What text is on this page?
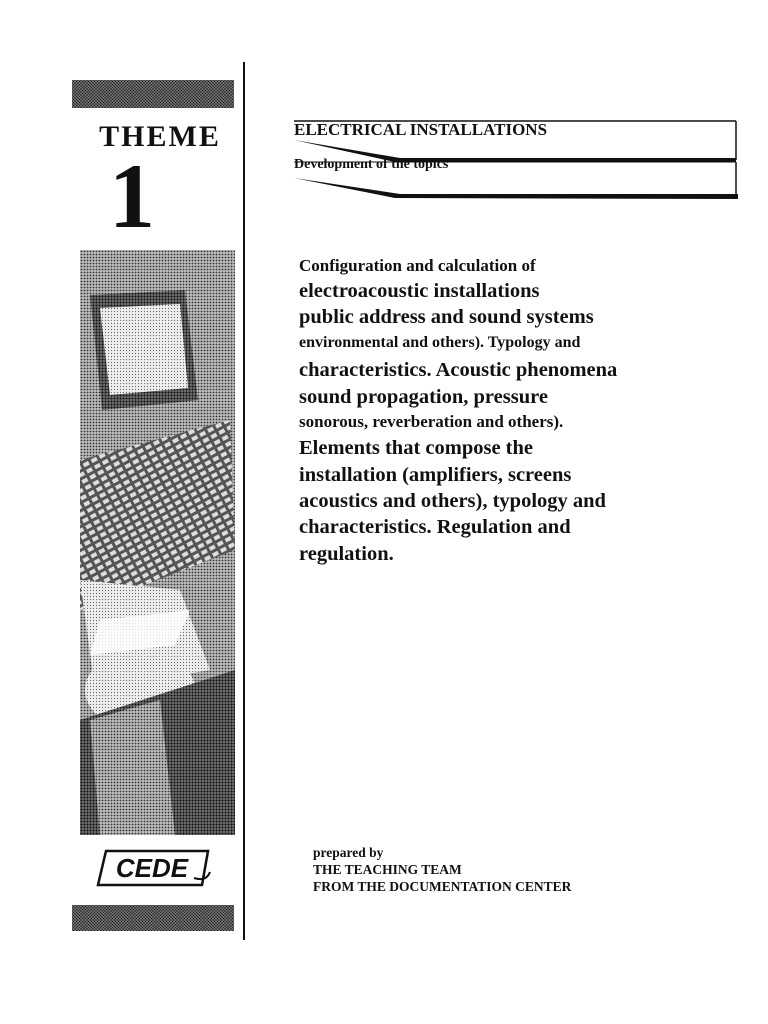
THEME
1
CEDE
ELECTRICAL INSTALLATIONS
Development of the topics
Configuration and calculation of
electroacoustic installations
public address and sound systems
environmental and others). Typology and
characteristics. Acoustic phenomena
sound propagation, pressure
sonorous, reverberation and others).
Elements that compose the
installation (amplifiers, screens
acoustics and others), typology and
characteristics. Regulation and
regulation.
prepared by
THE TEACHING TEAM
FROM THE DOCUMENTATION CENTER
